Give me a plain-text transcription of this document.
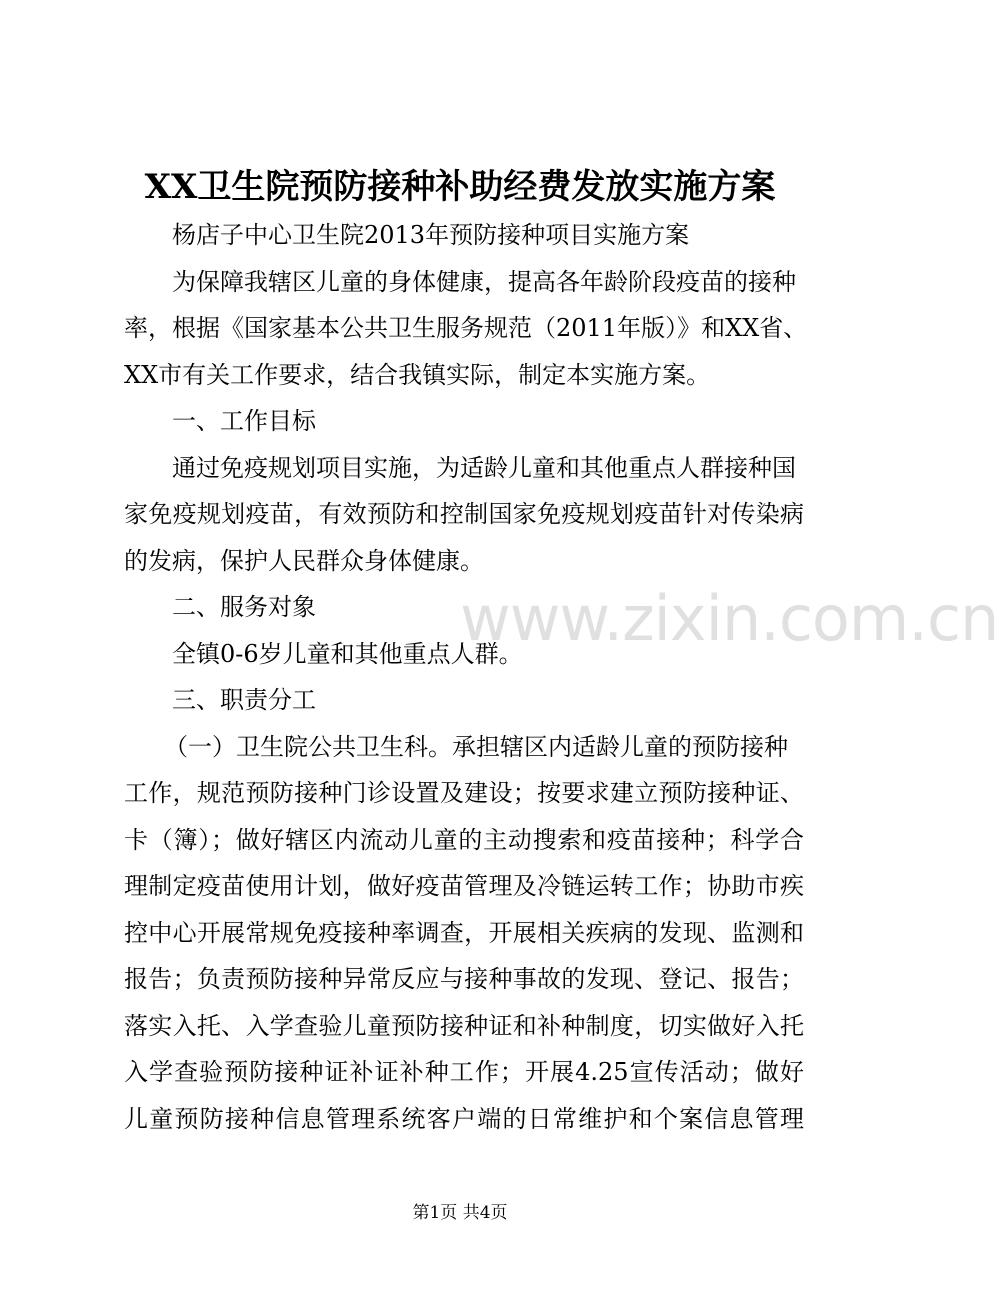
XX卫生院预防接种补助经费发放实施方案
杨店子中心卫生院2013年预防接种项目实施方案
为保障我辖区儿童的身体健康，提高各年龄阶段疫苗的接种
率，根据《国家基本公共卫生服务规范（2011年版）》和XX省、
XX市有关工作要求，结合我镇实际，制定本实施方案。
一、工作目标
通过免疫规划项目实施，为适龄儿童和其他重点人群接种国
家免疫规划疫苗，有效预防和控制国家免疫规划疫苗针对传染病
的发病，保护人民群众身体健康。
二、服务对象
全镇0-6岁儿童和其他重点人群。
三、职责分工
（一）卫生院公共卫生科。承担辖区内适龄儿童的预防接种
工作，规范预防接种门诊设置及建设；按要求建立预防接种证、
卡（簿）；做好辖区内流动儿童的主动搜索和疫苗接种；科学合
理制定疫苗使用计划，做好疫苗管理及冷链运转工作；协助市疾
控中心开展常规免疫接种率调查，开展相关疾病的发现、监测和
报告；负责预防接种异常反应与接种事故的发现、登记、报告；
落实入托、入学查验儿童预防接种证和补种制度，切实做好入托
入学查验预防接种证补证补种工作；开展4.25宣传活动；做好
儿童预防接种信息管理系统客户端的日常维护和个案信息管理
www.zixin.com.cn
第1页 共4页
